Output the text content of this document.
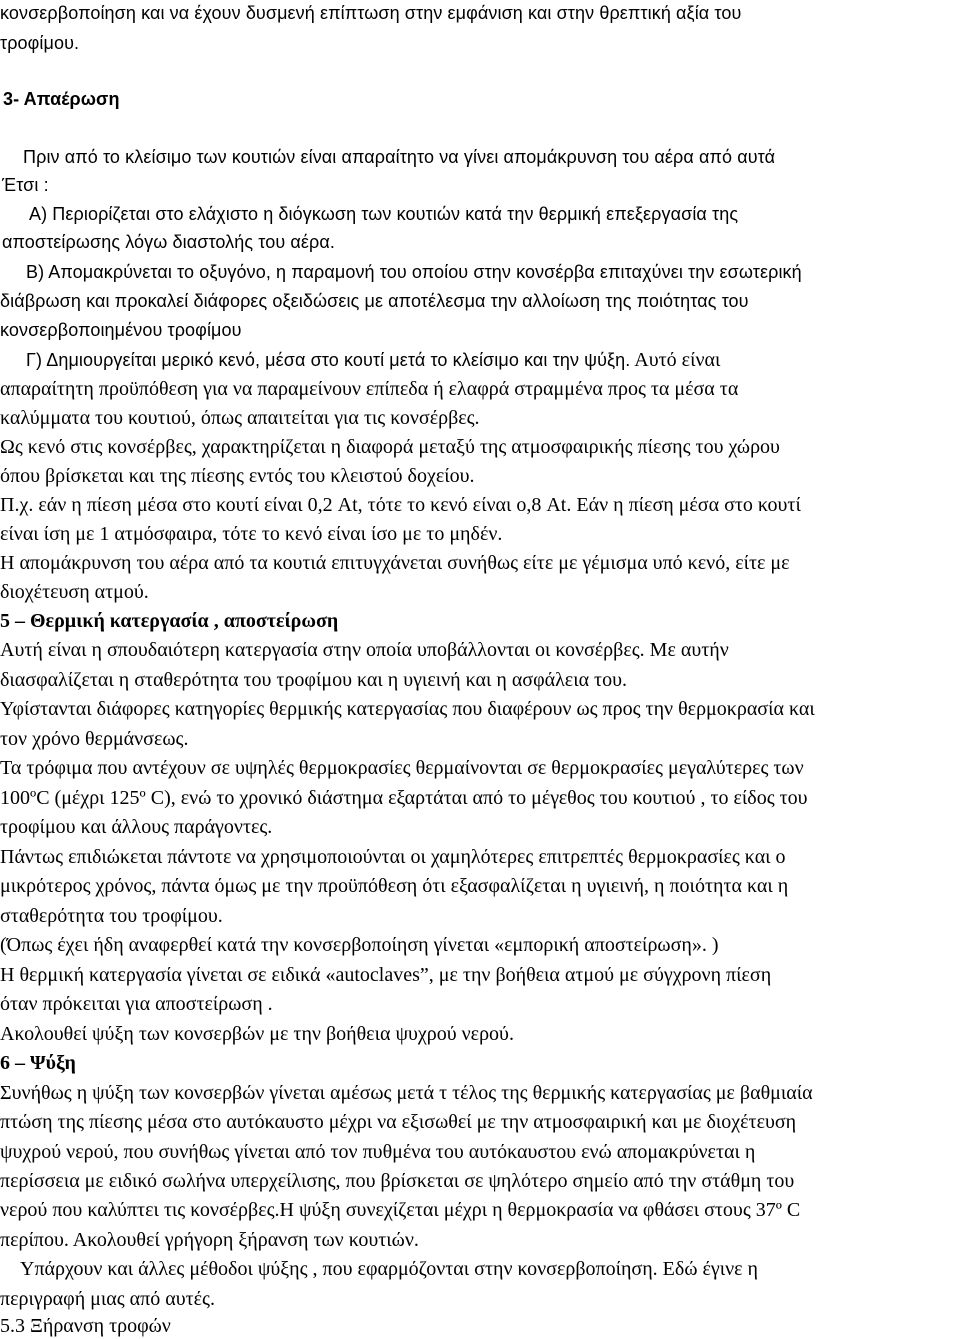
κονσερβοποίηση και να έχουν δυσμενή επίπτωση στην εμφάνιση και στην θρεπτική αξία του
τροφίμου.
3- Απαέρωση
Πριν από το κλείσιμο των κουτιών είναι απαραίτητο να γίνει απομάκρυνση του αέρα από αυτά
Έτσι :
Α) Περιορίζεται στο ελάχιστο η διόγκωση των κουτιών κατά την θερμική επεξεργασία της
αποστείρωσης λόγω διαστολής του αέρα.
Β) Απομακρύνεται το οξυγόνο, η παραμονή του οποίου στην κονσέρβα επιταχύνει την εσωτερική
διάβρωση και προκαλεί διάφορες οξειδώσεις με αποτέλεσμα την αλλοίωση της ποιότητας του
κονσερβοποιημένου τροφίμου
Γ) Δημιουργείται μερικό κενό, μέσα στο κουτί μετά το κλείσιμο και την ψύξη. Αυτό είναι
απαραίτητη προϋπόθεση για να παραμείνουν επίπεδα ή ελαφρά στραμμένα προς τα μέσα τα
καλύμματα του κουτιού, όπως απαιτείται για τις κονσέρβες.
Ως κενό στις κονσέρβες, χαρακτηρίζεται η διαφορά μεταξύ της ατμοσφαιρικής πίεσης του χώρου
όπου βρίσκεται και της πίεσης εντός του κλειστού δοχείου.
Π.χ. εάν η πίεση μέσα στο κουτί είναι 0,2 At, τότε το κενό είναι ο,8 At. Εάν η πίεση μέσα στο κουτί
είναι ίση με 1 ατμόσφαιρα, τότε το κενό είναι ίσο με το μηδέν.
Η απομάκρυνση του αέρα από τα κουτιά επιτυγχάνεται συνήθως είτε με γέμισμα υπό κενό, είτε με
διοχέτευση ατμού.
5 – Θερμική κατεργασία , αποστείρωση
Αυτή είναι η σπουδαιότερη κατεργασία στην οποία υποβάλλονται οι κονσέρβες. Με αυτήν
διασφαλίζεται η σταθερότητα του τροφίμου και η υγιεινή και η ασφάλεια του.
Υφίστανται διάφορες κατηγορίες θερμικής κατεργασίας που διαφέρουν ως προς την θερμοκρασία και
τον χρόνο θερμάνσεως.
Τα τρόφιμα που αντέχουν σε υψηλές θερμοκρασίες θερμαίνονται σε θερμοκρασίες μεγαλύτερες των
100ºC (μέχρι 125º C), ενώ το χρονικό διάστημα εξαρτάται από το μέγεθος του κουτιού , το είδος του
τροφίμου και άλλους παράγοντες.
Πάντως επιδιώκεται πάντοτε να χρησιμοποιούνται οι χαμηλότερες επιτρεπτές θερμοκρασίες και ο
μικρότερος χρόνος, πάντα όμως με την προϋπόθεση ότι εξασφαλίζεται η υγιεινή, η ποιότητα και η
σταθερότητα του τροφίμου.
(Όπως έχει ήδη αναφερθεί κατά την κονσερβοποίηση γίνεται «εμπορική αποστείρωση». )
Η θερμική κατεργασία γίνεται σε ειδικά «autoclaves”, με την βοήθεια ατμού με σύγχρονη πίεση
όταν πρόκειται για αποστείρωση .
Ακολουθεί ψύξη των κονσερβών με την βοήθεια ψυχρού νερού.
6 – Ψύξη
Συνήθως η ψύξη των κονσερβών γίνεται αμέσως μετά τ τέλος της θερμικής κατεργασίας με βαθμιαία
πτώση της πίεσης μέσα στο αυτόκαυστο μέχρι να εξισωθεί με την ατμοσφαιρική και με διοχέτευση
ψυχρού νερού, που συνήθως γίνεται από τον πυθμένα του αυτόκαυστου ενώ απομακρύνεται η
περίσσεια με ειδικό σωλήνα υπερχείλισης, που βρίσκεται σε ψηλότερο σημείο από την στάθμη του
νερού που καλύπτει τις κονσέρβες.Η ψύξη συνεχίζεται μέχρι η θερμοκρασία να φθάσει στους 37º C
περίπου. Ακολουθεί γρήγορη ξήρανση των κουτιών.
Υπάρχουν και άλλες μέθοδοι ψύξης , που εφαρμόζονται στην κονσερβοποίηση. Εδώ έγινε η
περιγραφή μιας από αυτές.
5.3 Ξήρανση τροφών
